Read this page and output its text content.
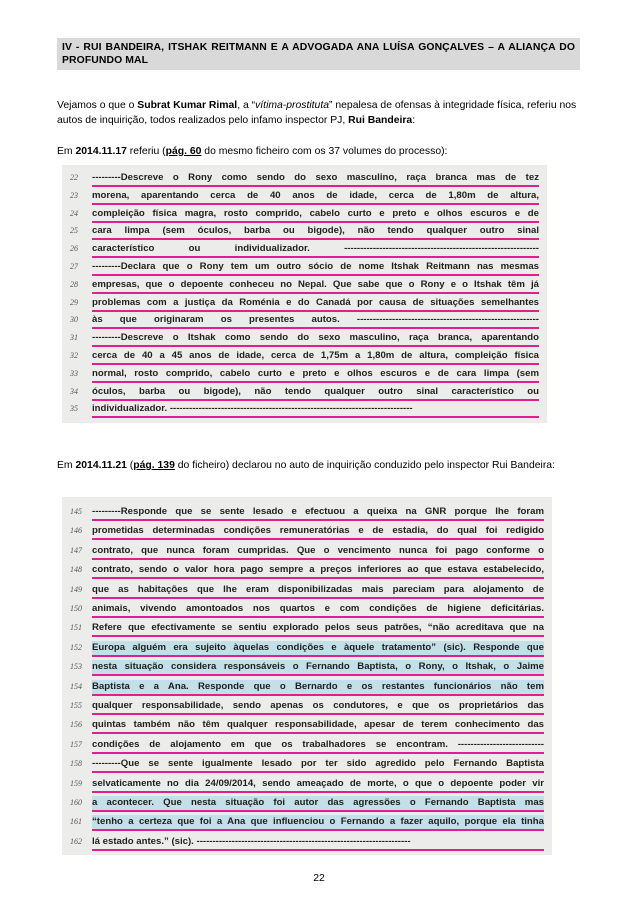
IV - RUI BANDEIRA, ITSHAK REITMANN E A ADVOGADA ANA LUÍSA GONÇALVES – A ALIANÇA DO PROFUNDO MAL
Vejamos o que o Subrat Kumar Rimal, a “vítima-prostituta” nepalesa de ofensas à integridade física, referiu nos autos de inquirição, todos realizados pelo infamo inspector PJ, Rui Bandeira:
Em 2014.11.17 referiu (pág. 60 do mesmo ficheiro com os 37 volumes do processo):
22	---------Descreve o Rony como sendo do sexo masculino, raça branca mas de tez
23	morena, aparentando cerca de 40 anos de idade, cerca de 1,80m de altura,
24	compleição física magra, rosto comprido, cabelo curto e preto e olhos escuros e de
25	cara limpa (sem óculos, barba ou bigode), não tendo qualquer outro sinal
26	característico ou individualizador. -------------------------------------------------------------
27	---------Declara que o Rony tem um outro sócio de nome Itshak Reitmann nas mesmas
28	empresas, que o depoente conheceu no Nepal. Que sabe que o Rony e o Itshak têm já
29	problemas com a justiça da Roménia e do Canadá por causa de situações semelhantes
30	às que originaram os presentes autos. ---------------------------------------------------------
31	---------Descreve o Itshak como sendo do sexo masculino, raça branca, aparentando
32	cerca de 40 a 45 anos de idade, cerca de 1,75m a 1,80m de altura, compleição física
33	normal, rosto comprido, cabelo curto e preto e olhos escuros e de cara limpa (sem
34	óculos, barba ou bigode), não tendo qualquer outro sinal característico ou
35	individualizador. ----------------------------------------------------------------------------
Em 2014.11.21 (pág. 139 do ficheiro) declarou no auto de inquirição conduzido pelo inspector Rui Bandeira:
145	---------Responde que se sente lesado e efectuou a queixa na GNR porque lhe foram
146	prometidas determinadas condições remuneratórias e de estadia, do qual foi redigido
147	contrato, que nunca foram cumpridas. Que o vencimento nunca foi pago conforme o
148	contrato, sendo o valor hora pago sempre a preços inferiores ao que estava estabelecido,
149	que as habitações que lhe eram disponibilizadas mais pareciam para alojamento de
150	animais, vivendo amontoados nos quartos e com condições de higiene deficitárias.
151	Refere que efectivamente se sentiu explorado pelos seus patrões, “não acreditava que na
152	Europa alguém era sujeito àquelas condições e àquele tratamento” (sic). Responde que
153	nesta situação considera responsáveis o Fernando Baptista, o Rony, o Itshak, o Jaime
154	Baptista e a Ana. Responde que o Bernardo e os restantes funcionários não tem
155	qualquer responsabilidade, sendo apenas os condutores, e que os proprietários das
156	quintas também não têm qualquer responsabilidade, apesar de terem conhecimento das
157	condições de alojamento em que os trabalhadores se encontram. ---------------------------
158	---------Que se sente igualmente lesado por ter sido agredido pelo Fernando Baptista
159	selvaticamente no dia 24/09/2014, sendo ameaçado de morte, o que o depoente poder vir
160	a acontecer. Que nesta situação foi autor das agressões o Fernando Baptista mas
161	“tenho a certeza que foi a Ana que influenciou o Fernando a fazer aquilo, porque ela tinha
162	lá estado antes.” (sic). -------------------------------------------------------------------
22
